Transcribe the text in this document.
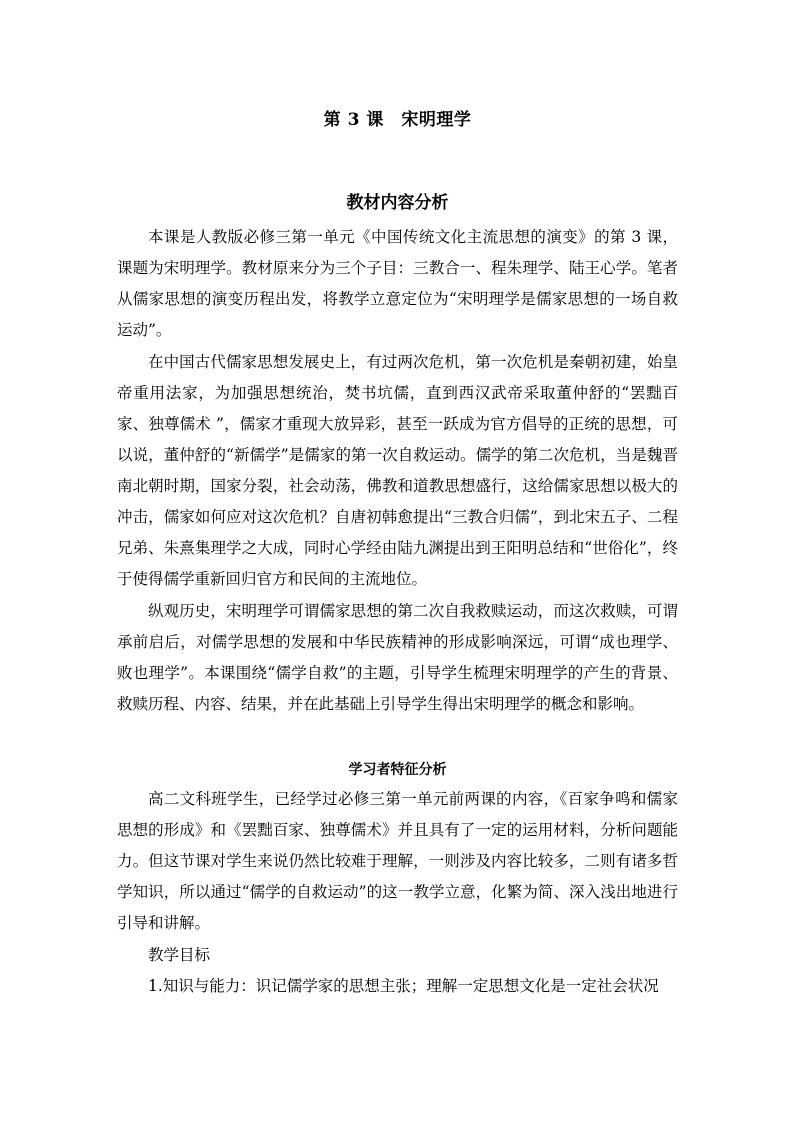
第 3 课　宋明理学
教材内容分析

本课是人教版必修三第一单元《中国传统文化主流思想的演变》的第 3 课，课题为宋明理学。教材原来分为三个子目：三教合一、程朱理学、陆王心学。笔者从儒家思想的演变历程出发，将教学立意定位为“宋明理学是儒家思想的一场自救运动”。

在中国古代儒家思想发展史上，有过两次危机，第一次危机是秦朝初建，始皇帝重用法家，为加强思想统治，焚书坑儒，直到西汉武帝采取董仲舒的“罢黜百家、独尊儒术 ”，儒家才重现大放异彩，甚至一跃成为官方倡导的正统的思想，可以说，董仲舒的“新儒学”是儒家的第一次自救运动。儒学的第二次危机，当是魏晋南北朝时期，国家分裂，社会动荡，佛教和道教思想盛行，这给儒家思想以极大的冲击，儒家如何应对这次危机？自唐初韩愈提出“三教合归儒”，到北宋五子、二程兄弟、朱熹集理学之大成，同时心学经由陆九渊提出到王阳明总结和“世俗化”，终于使得儒学重新回归官方和民间的主流地位。

纵观历史，宋明理学可谓儒家思想的第二次自我救赎运动，而这次救赎，可谓承前启后，对儒学思想的发展和中华民族精神的形成影响深远，可谓“成也理学、败也理学”。本课围绕“儒学自救”的主题，引导学生梳理宋明理学的产生的背景、救赎历程、内容、结果，并在此基础上引导学生得出宋明理学的概念和影响。

学习者特征分析

高二文科班学生，已经学过必修三第一单元前两课的内容，《百家争鸣和儒家思想的形成》和《罢黜百家、独尊儒术》并且具有了一定的运用材料，分析问题能力。但这节课对学生来说仍然比较难于理解，一则涉及内容比较多，二则有诸多哲学知识，所以通过“儒学的自救运动”的这一教学立意，化繁为简、深入浅出地进行引导和讲解。

教学目标

1.知识与能力：识记儒学家的思想主张；理解一定思想文化是一定社会状况
